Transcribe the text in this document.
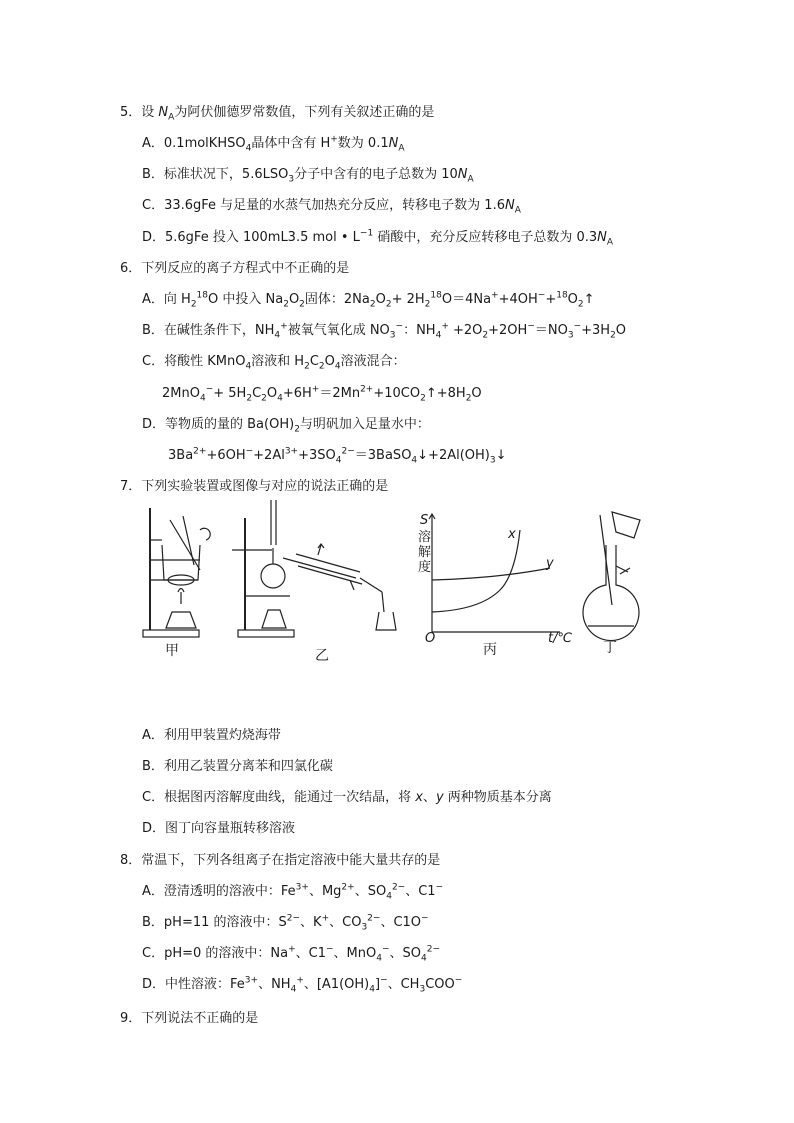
5．设 $N_A$为阿伏伽德罗常数值，下列有关叙述正确的是
A．0.1molKHSO$_4$晶体中含有 H+数为 $0.1N_A$
B．标准状况下，$5.6LSO_3$分子中含有的电子总数为 $10N_A$
C．33.6gFe 与足量的水蒸气加热充分反应，转移电子数为 $1.6N_A$
D．5.6gFe 投入 100mL3.5 mol • $L^{-1}$ 硝酸中，充分反应转移电子总数为 $0.3N_A$
6．下列反应的离子方程式中不正确的是
A．向 $H_2^{18}O$ 中投入 $Na_2O_2$固体：$2Na_2O_2+$ $2H_2^{18}O=4Na^++4OH^-+^{18}O_2↑$
B．在碱性条件下，$NH_4^+$被氧气氧化成 $NO_3^-$：$NH_4^+ +2O_2+2OH^-=NO_3^-+3H_2O$
C．将酸性 KMnO$_4$溶液和 $H_2C_2O_4$溶液混合：
$2MnO_4^-+ 5H_2C_2O_4+6H^+=2Mn^{2+}+10CO_2↑+8H_2O$
D．等物质的量的 $Ba(OH)_2$与明矾加入足量水中：
$3Ba^{2+}+6OH^-+2Al^{3+}+3SO_4^{2-}=3BaSO_4↓+2Al(OH)_3↓$
7．下列实验装置或图像与对应的说法正确的是
甲	乙	丙	丁
S
溶解度
x
y
O	t/℃
A．利用甲装置灼烧海带
B．利用乙装置分离苯和四氯化碳
C．根据图丙溶解度曲线，能通过一次结晶，将 x、y 两种物质基本分离
D．图丁向容量瓶转移溶液
8．常温下，下列各组离子在指定溶液中能大量共存的是
A．澄清透明的溶液中：$Fe^{3+}$、$Mg^{2+}$、$SO_4^{2-}$、C1−
B．pH=11 的溶液中：$S^{2-}$、K+、$CO_3^{2-}$、C1O−
C．pH=0 的溶液中：Na+、C1−、MnO$_4$−、$SO_4^{2-}$
D．中性溶液：$Fe^{3+}$、$NH_4^+$、$[A1(OH)_4]^-$、$CH_3COO^-$
9．下列说法不正确的是
